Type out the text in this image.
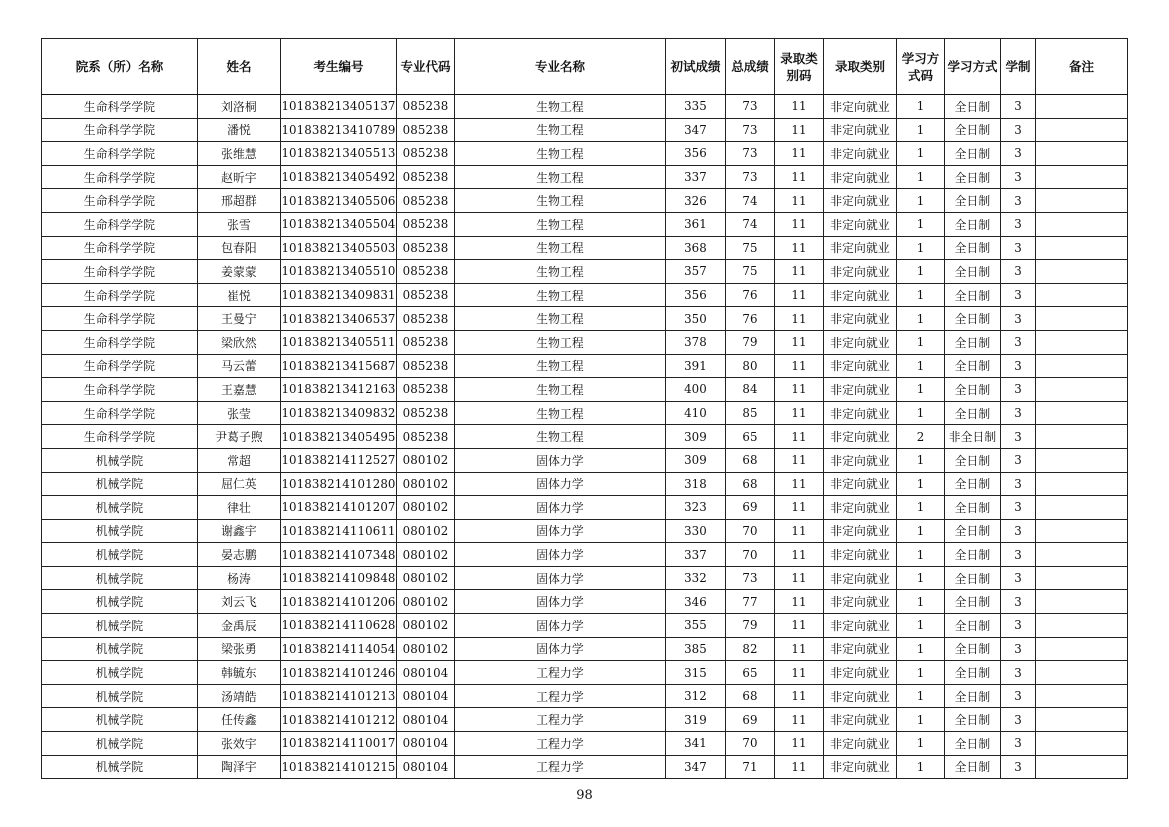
院系（所）名称	姓名	考生编号	专业代码	专业名称	初试成绩	总成绩	录取类别码	录取类别	学习方式码	学习方式	学制	备注
生命科学学院	刘洛桐	101838213405137	085238	生物工程	335	73	11	非定向就业	1	全日制	3	
生命科学学院	潘悦	101838213410789	085238	生物工程	347	73	11	非定向就业	1	全日制	3	
生命科学学院	张维慧	101838213405513	085238	生物工程	356	73	11	非定向就业	1	全日制	3	
生命科学学院	赵昕宇	101838213405492	085238	生物工程	337	73	11	非定向就业	1	全日制	3	
生命科学学院	邢超群	101838213405506	085238	生物工程	326	74	11	非定向就业	1	全日制	3	
生命科学学院	张雪	101838213405504	085238	生物工程	361	74	11	非定向就业	1	全日制	3	
生命科学学院	包春阳	101838213405503	085238	生物工程	368	75	11	非定向就业	1	全日制	3	
生命科学学院	姜蒙蒙	101838213405510	085238	生物工程	357	75	11	非定向就业	1	全日制	3	
生命科学学院	崔悦	101838213409831	085238	生物工程	356	76	11	非定向就业	1	全日制	3	
生命科学学院	王曼宁	101838213406537	085238	生物工程	350	76	11	非定向就业	1	全日制	3	
生命科学学院	梁欣然	101838213405511	085238	生物工程	378	79	11	非定向就业	1	全日制	3	
生命科学学院	马云蕾	101838213415687	085238	生物工程	391	80	11	非定向就业	1	全日制	3	
生命科学学院	王嘉慧	101838213412163	085238	生物工程	400	84	11	非定向就业	1	全日制	3	
生命科学学院	张莹	101838213409832	085238	生物工程	410	85	11	非定向就业	1	全日制	3	
生命科学学院	尹葛子煦	101838213405495	085238	生物工程	309	65	11	非定向就业	2	非全日制	3	
机械学院	常超	101838214112527	080102	固体力学	309	68	11	非定向就业	1	全日制	3	
机械学院	屈仁英	101838214101280	080102	固体力学	318	68	11	非定向就业	1	全日制	3	
机械学院	律壮	101838214101207	080102	固体力学	323	69	11	非定向就业	1	全日制	3	
机械学院	谢鑫宇	101838214110611	080102	固体力学	330	70	11	非定向就业	1	全日制	3	
机械学院	晏志鹏	101838214107348	080102	固体力学	337	70	11	非定向就业	1	全日制	3	
机械学院	杨涛	101838214109848	080102	固体力学	332	73	11	非定向就业	1	全日制	3	
机械学院	刘云飞	101838214101206	080102	固体力学	346	77	11	非定向就业	1	全日制	3	
机械学院	金禹辰	101838214110628	080102	固体力学	355	79	11	非定向就业	1	全日制	3	
机械学院	梁张勇	101838214114054	080102	固体力学	385	82	11	非定向就业	1	全日制	3	
机械学院	韩毓东	101838214101246	080104	工程力学	315	65	11	非定向就业	1	全日制	3	
机械学院	汤靖皓	101838214101213	080104	工程力学	312	68	11	非定向就业	1	全日制	3	
机械学院	任传鑫	101838214101212	080104	工程力学	319	69	11	非定向就业	1	全日制	3	
机械学院	张效宇	101838214110017	080104	工程力学	341	70	11	非定向就业	1	全日制	3	
机械学院	陶泽宇	101838214101215	080104	工程力学	347	71	11	非定向就业	1	全日制	3	
98
